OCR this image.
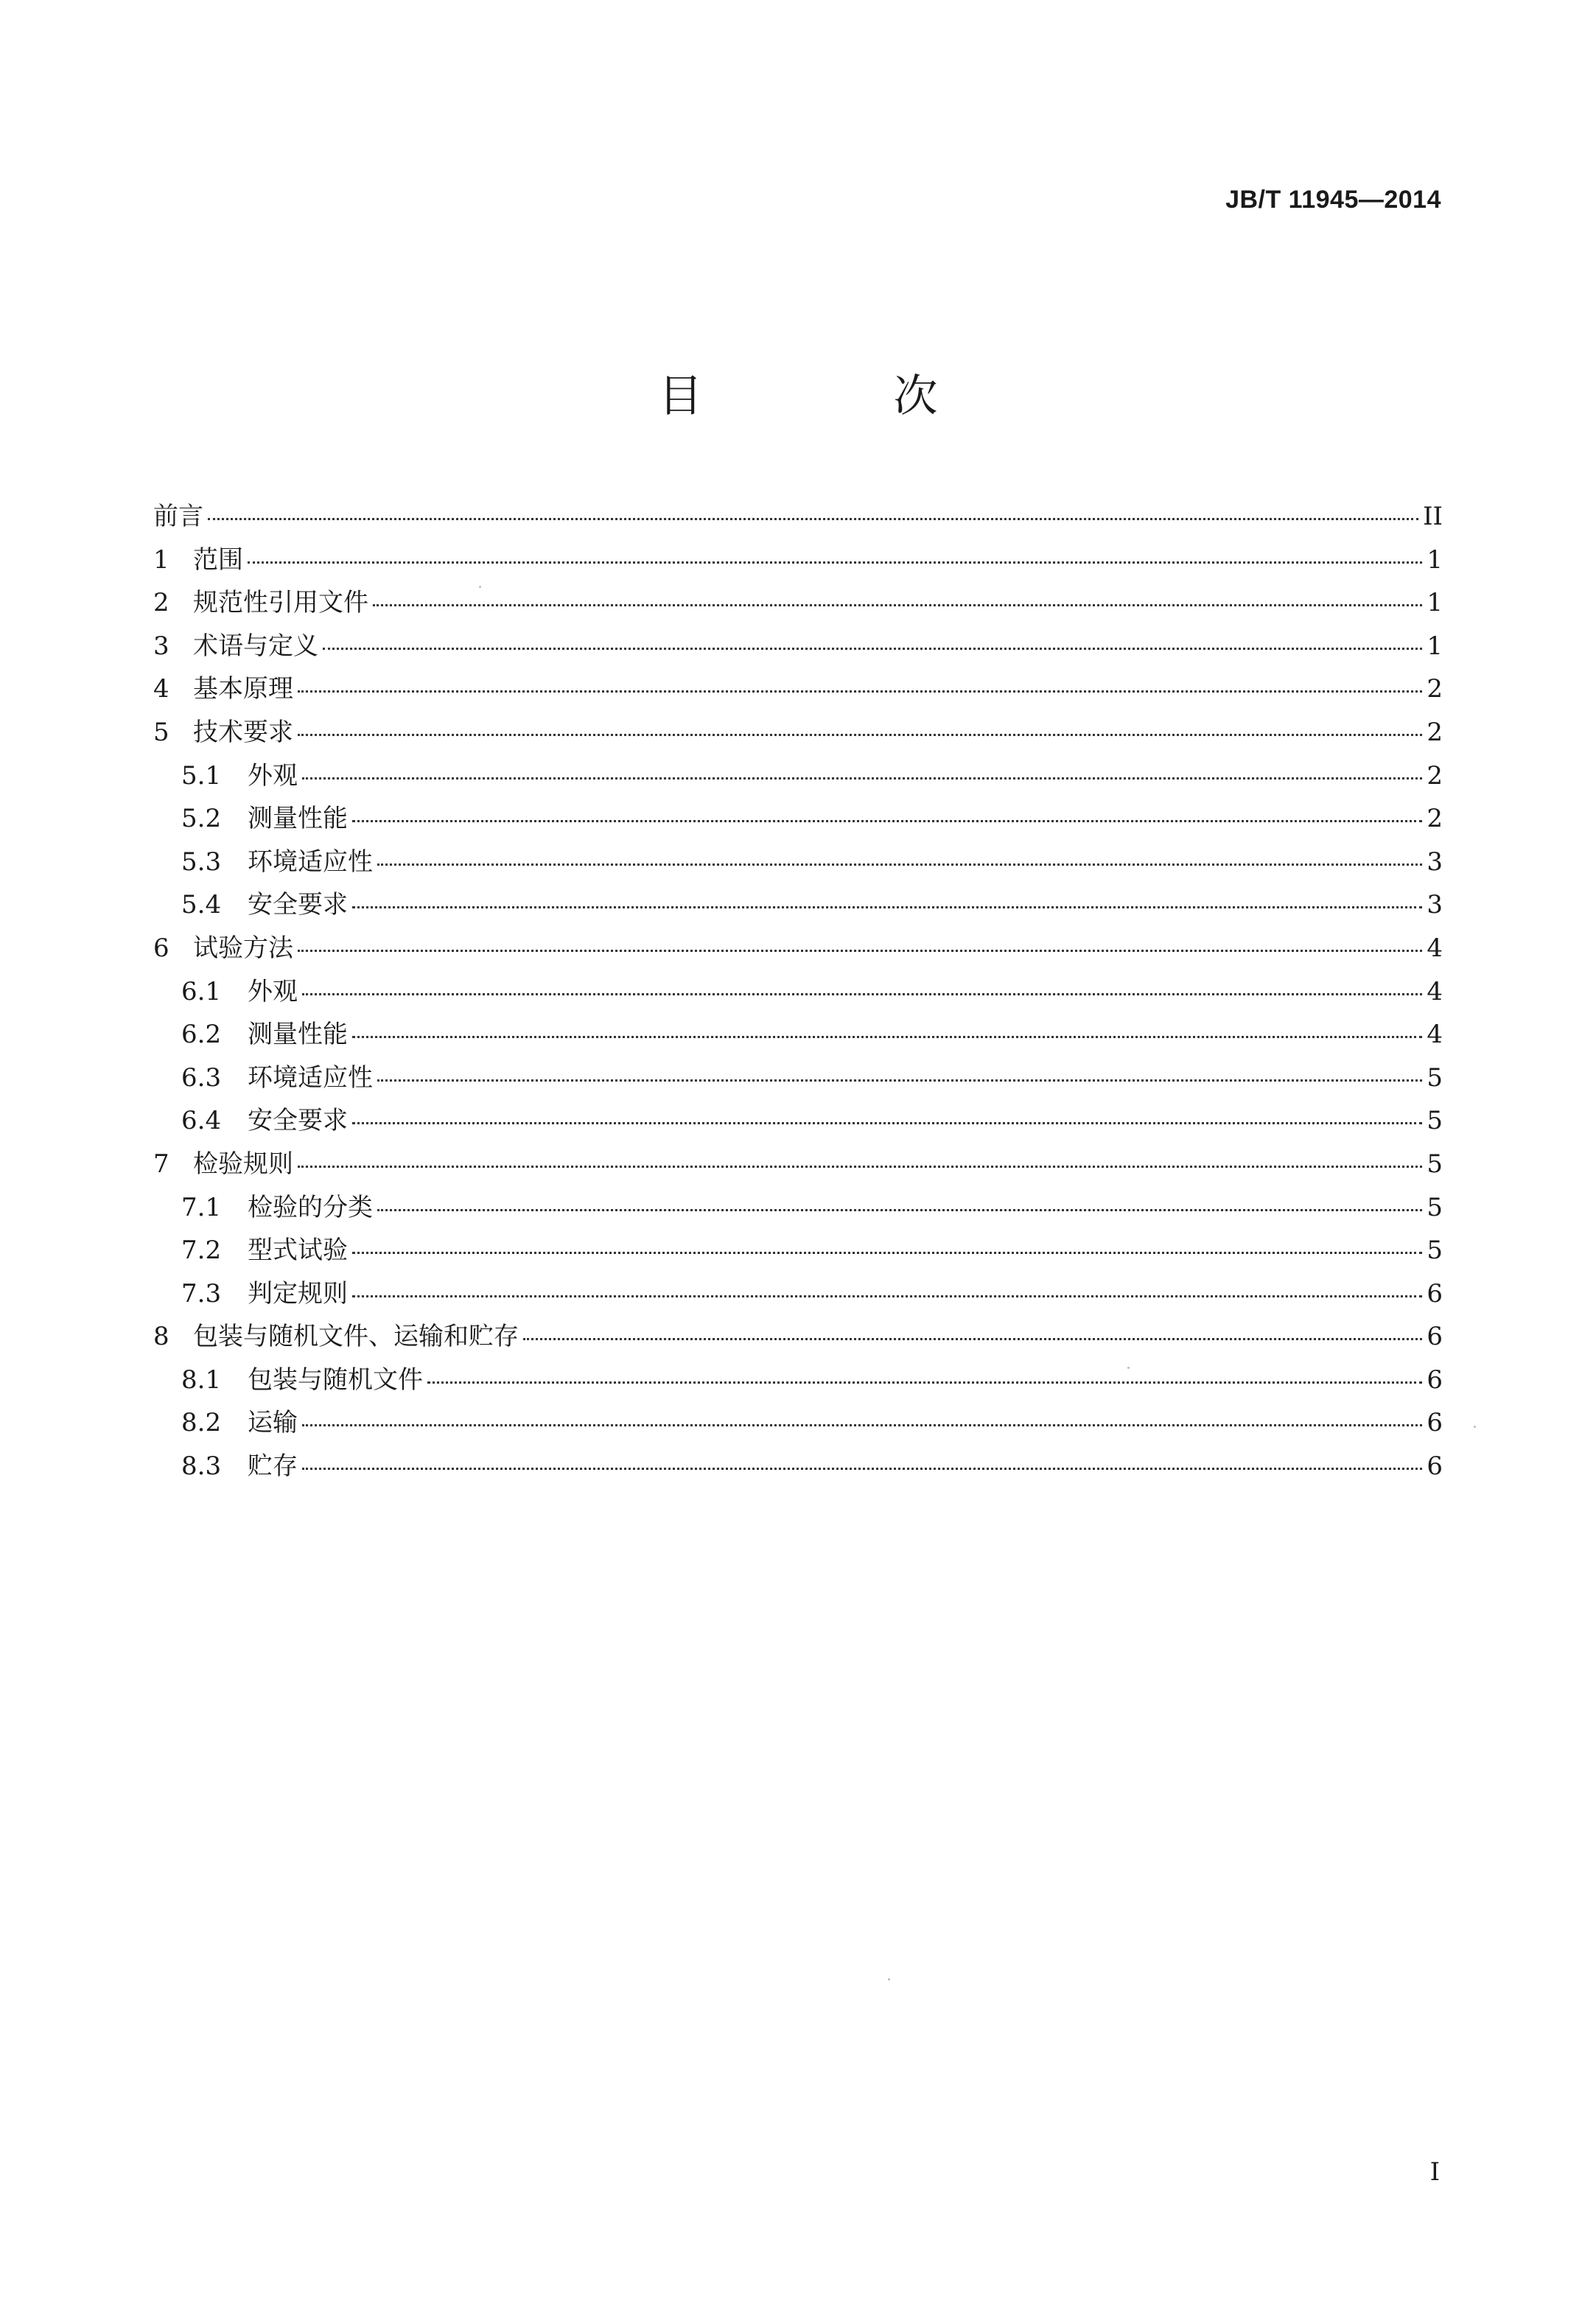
JB/T 11945—2014
目 次
前言	II
1 范围	1
2 规范性引用文件	1
3 术语与定义	1
4 基本原理	2
5 技术要求	2
5.1	外观	2
5.2	测量性能	2
5.3	环境适应性	3
5.4	安全要求	3
6 试验方法	4
6.1	外观	4
6.2	测量性能	4
6.3	环境适应性	5
6.4	安全要求	5
7 检验规则	5
7.1	检验的分类	5
7.2	型式试验	5
7.3	判定规则	6
8 包装与随机文件、运输和贮存	6
8.1	包装与随机文件	6
8.2	运输	6
8.3	贮存	6
I
